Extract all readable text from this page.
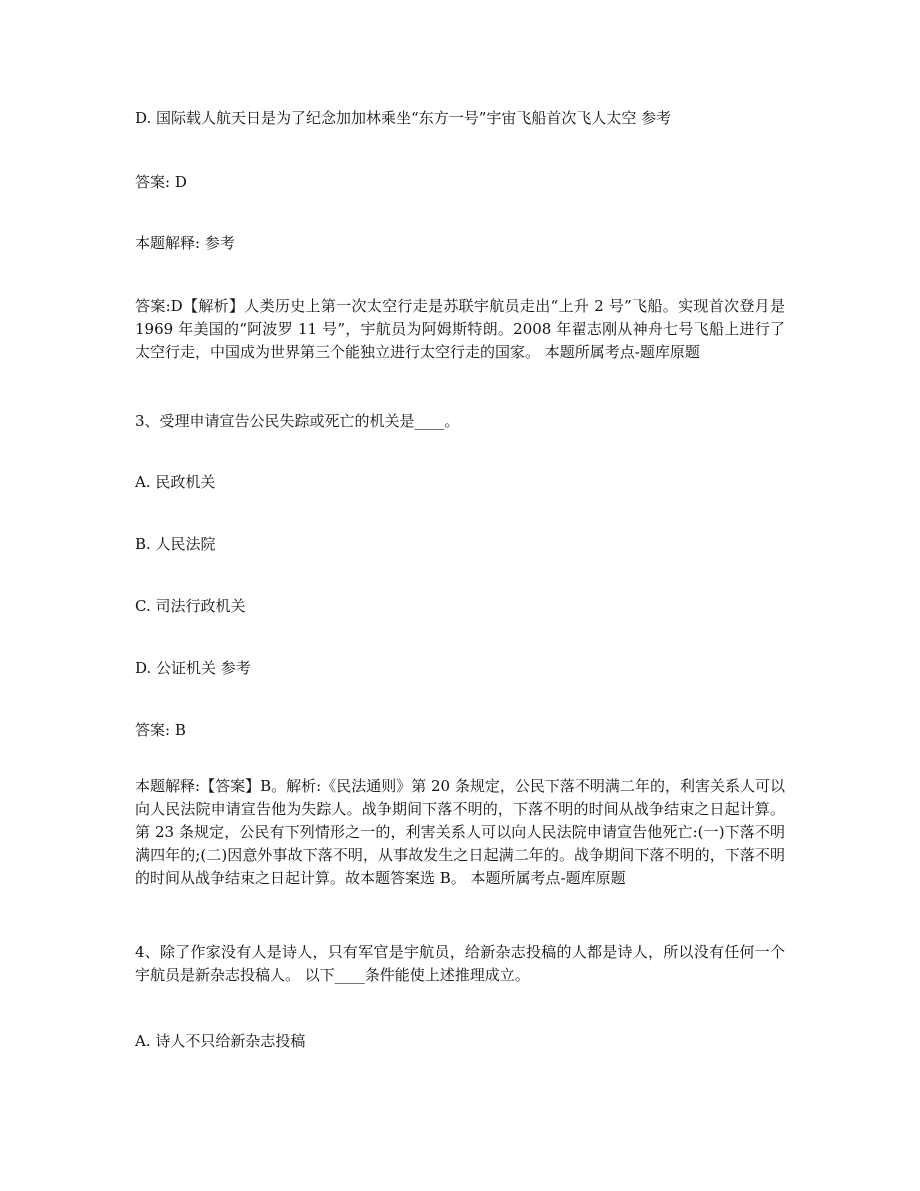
D. 国际载人航天日是为了纪念加加林乘坐“东方一号”宇宙飞船首次飞人太空 参考

答案: D

本题解释: 参考

答案:D【解析】人类历史上第一次太空行走是苏联宇航员走出“上升 2 号”飞船。实现首次登月是 1969 年美国的“阿波罗 11 号”，宇航员为阿姆斯特朗。2008 年翟志刚从神舟七号飞船上进行了太空行走，中国成为世界第三个能独立进行太空行走的国家。 本题所属考点-题库原题

3、受理申请宣告公民失踪或死亡的机关是____。

A. 民政机关

B. 人民法院

C. 司法行政机关

D. 公证机关 参考

答案: B

本题解释:【答案】B。解析:《民法通则》第 20 条规定，公民下落不明满二年的，利害关系人可以向人民法院申请宣告他为失踪人。战争期间下落不明的，下落不明的时间从战争结束之日起计算。第 23 条规定，公民有下列情形之一的，利害关系人可以向人民法院申请宣告他死亡:(一)下落不明满四年的;(二)因意外事故下落不明，从事故发生之日起满二年的。战争期间下落不明的，下落不明的时间从战争结束之日起计算。故本题答案选 B。 本题所属考点-题库原题

4、除了作家没有人是诗人，只有军官是宇航员，给新杂志投稿的人都是诗人，所以没有任何一个宇航员是新杂志投稿人。 以下____条件能使上述推理成立。

A. 诗人不只给新杂志投稿
